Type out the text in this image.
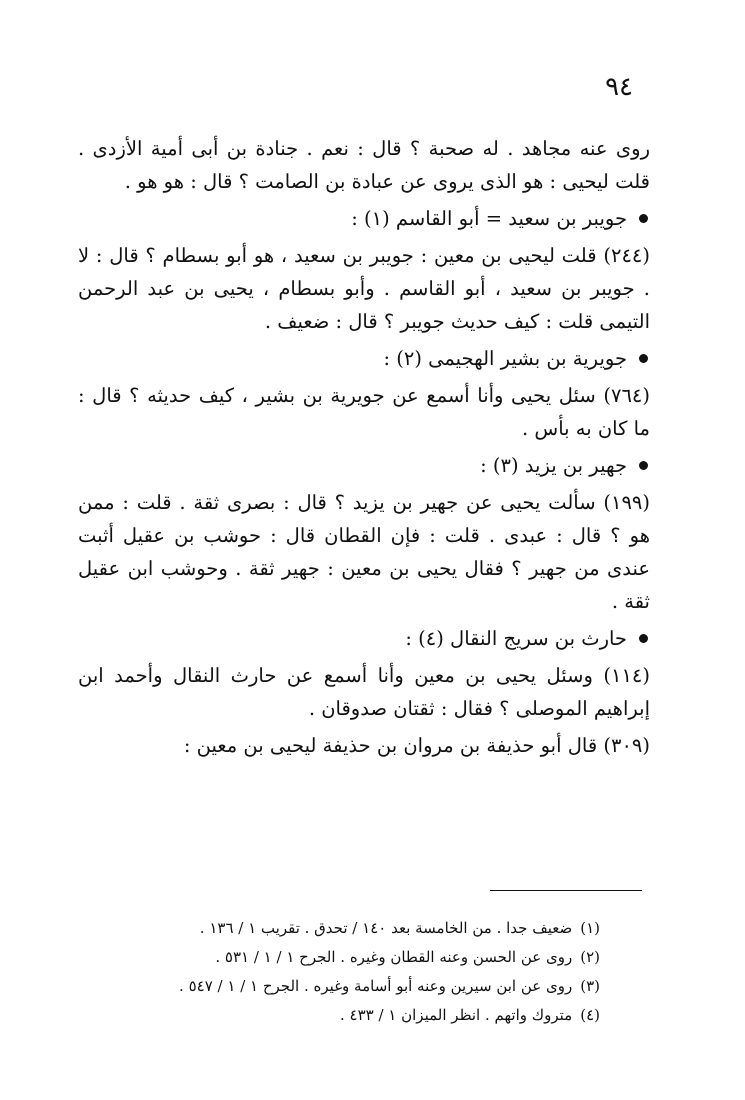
٩٤

روى عنه مجاهد . له صحبة ؟ قال : نعم . جنادة بن أبى أمية الأزدى . قلت ليحيى : هو الذى يروى عن عبادة بن الصامت ؟ قال : هو هو .

جويبر بن سعيد = أبو القاسم (١) :

(٢٤٤) قلت ليحيى بن معين : جويبر بن سعيد ، هو أبو بسطام ؟ قال : لا . جويبر بن سعيد ، أبو القاسم . وأبو بسطام ، يحيى بن عبد الرحمن التيمى قلت : كيف حديث جويبر ؟ قال : ضعيف .

جويرية بن بشير الهجيمى (٢) :

(٧٦٤) سئل يحيى وأنا أسمع عن جويرية بن بشير ، كيف حديثه ؟ قال : ما كان به بأس .

جهير بن يزيد (٣) :

(١٩٩) سألت يحيى عن جهير بن يزيد ؟ قال : بصرى ثقة . قلت : ممن هو ؟ قال : عبدى . قلت : فإن القطان قال : حوشب بن عقيل أثبت عندى من جهير ؟ فقال يحيى بن معين : جهير ثقة . وحوشب ابن عقيل ثقة .

حارث بن سريج النقال (٤) :

(١١٤) وسئل يحيى بن معين وأنا أسمع عن حارث النقال وأحمد ابن إبراهيم الموصلى ؟ فقال : ثقتان صدوقان .

(٣٠٩) قال أبو حذيفة بن مروان بن حذيفة ليحيى بن معين :

(١)ضعيف جدا . من الخامسة بعد ١٤٠ / تحدق . تقريب ١ / ١٣٦ .

(٢)روى عن الحسن وعنه القطان وغيره . الجرح ١ / ١ / ٥٣١ .

(٣)روى عن ابن سيرين وعنه أبو أسامة وغيره . الجرح ١ / ١ / ٥٤٧ .

(٤)متروك واتهم . انظر الميزان ١ / ٤٣٣ .
